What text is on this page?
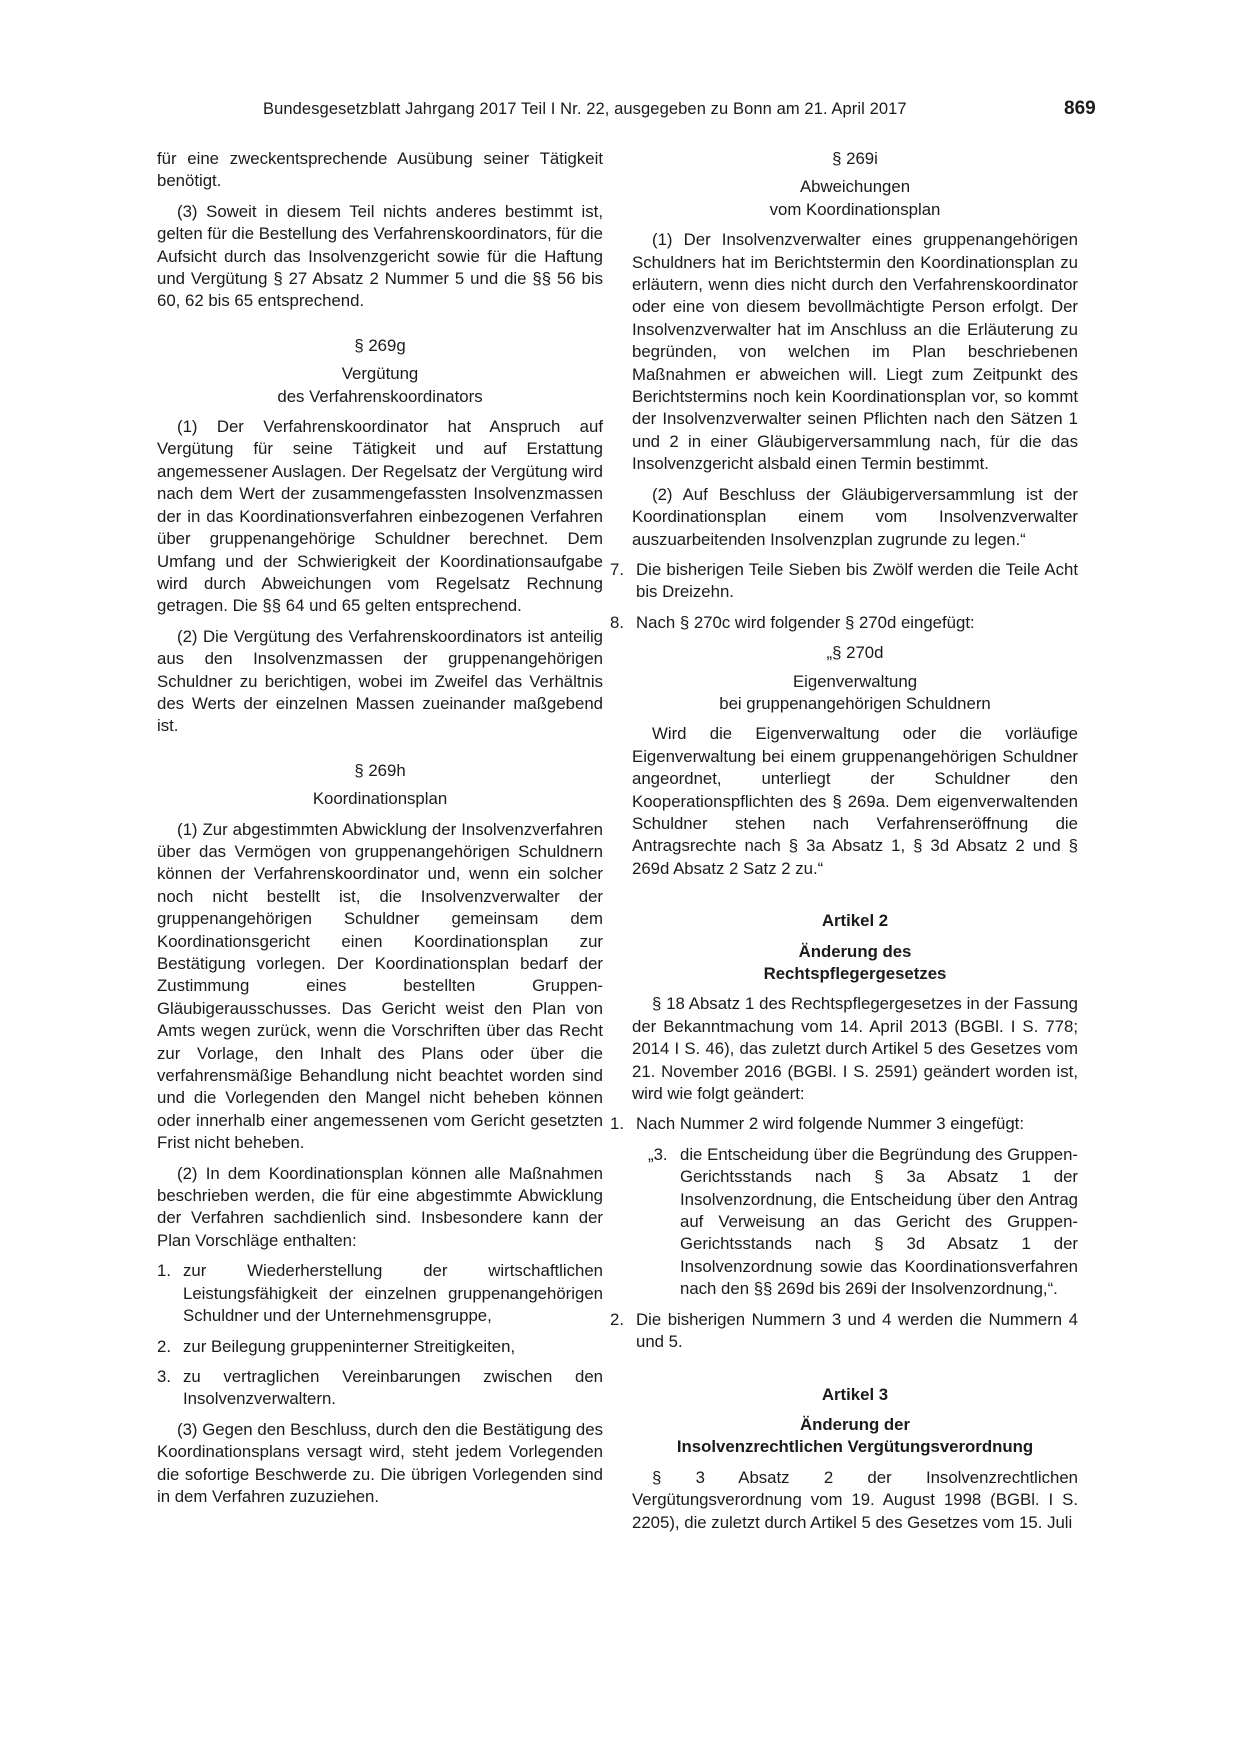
Bundesgesetzblatt Jahrgang 2017 Teil I Nr. 22, ausgegeben zu Bonn am 21. April 2017	869

für eine zweckentsprechende Ausübung seiner Tätigkeit benötigt.

(3) Soweit in diesem Teil nichts anderes bestimmt ist, gelten für die Bestellung des Verfahrenskoordinators, für die Aufsicht durch das Insolvenzgericht sowie für die Haftung und Vergütung § 27 Absatz 2 Nummer 5 und die §§ 56 bis 60, 62 bis 65 entsprechend.

§ 269g
Vergütung
des Verfahrenskoordinators

(1) Der Verfahrenskoordinator hat Anspruch auf Vergütung für seine Tätigkeit und auf Erstattung angemessener Auslagen. Der Regelsatz der Vergütung wird nach dem Wert der zusammengefassten Insolvenzmassen der in das Koordinationsverfahren einbezogenen Verfahren über gruppenangehörige Schuldner berechnet. Dem Umfang und der Schwierigkeit der Koordinationsaufgabe wird durch Abweichungen vom Regelsatz Rechnung getragen. Die §§ 64 und 65 gelten entsprechend.

(2) Die Vergütung des Verfahrenskoordinators ist anteilig aus den Insolvenzmassen der gruppenangehörigen Schuldner zu berichtigen, wobei im Zweifel das Verhältnis des Werts der einzelnen Massen zueinander maßgebend ist.

§ 269h
Koordinationsplan

(1) Zur abgestimmten Abwicklung der Insolvenzverfahren über das Vermögen von gruppenangehörigen Schuldnern können der Verfahrenskoordinator und, wenn ein solcher noch nicht bestellt ist, die Insolvenzverwalter der gruppenangehörigen Schuldner gemeinsam dem Koordinationsgericht einen Koordinationsplan zur Bestätigung vorlegen. Der Koordinationsplan bedarf der Zustimmung eines bestellten Gruppen-Gläubigerausschusses. Das Gericht weist den Plan von Amts wegen zurück, wenn die Vorschriften über das Recht zur Vorlage, den Inhalt des Plans oder über die verfahrensmäßige Behandlung nicht beachtet worden sind und die Vorlegenden den Mangel nicht beheben können oder innerhalb einer angemessenen vom Gericht gesetzten Frist nicht beheben.

(2) In dem Koordinationsplan können alle Maßnahmen beschrieben werden, die für eine abgestimmte Abwicklung der Verfahren sachdienlich sind. Insbesondere kann der Plan Vorschläge enthalten:

1. zur Wiederherstellung der wirtschaftlichen Leistungsfähigkeit der einzelnen gruppenangehörigen Schuldner und der Unternehmensgruppe,
2. zur Beilegung gruppeninterner Streitigkeiten,
3. zu vertraglichen Vereinbarungen zwischen den Insolvenzverwaltern.

(3) Gegen den Beschluss, durch den die Bestätigung des Koordinationsplans versagt wird, steht jedem Vorlegenden die sofortige Beschwerde zu. Die übrigen Vorlegenden sind in dem Verfahren zuzuziehen.

§ 269i
Abweichungen
vom Koordinationsplan

(1) Der Insolvenzverwalter eines gruppenangehörigen Schuldners hat im Berichtstermin den Koordinationsplan zu erläutern, wenn dies nicht durch den Verfahrenskoordinator oder eine von diesem bevollmächtigte Person erfolgt. Der Insolvenzverwalter hat im Anschluss an die Erläuterung zu begründen, von welchen im Plan beschriebenen Maßnahmen er abweichen will. Liegt zum Zeitpunkt des Berichtstermins noch kein Koordinationsplan vor, so kommt der Insolvenzverwalter seinen Pflichten nach den Sätzen 1 und 2 in einer Gläubigerversammlung nach, für die das Insolvenzgericht alsbald einen Termin bestimmt.

(2) Auf Beschluss der Gläubigerversammlung ist der Koordinationsplan einem vom Insolvenzverwalter auszuarbeitenden Insolvenzplan zugrunde zu legen.“

7. Die bisherigen Teile Sieben bis Zwölf werden die Teile Acht bis Dreizehn.
8. Nach § 270c wird folgender § 270d eingefügt:
„§ 270d
Eigenverwaltung
bei gruppenangehörigen Schuldnern

Wird die Eigenverwaltung oder die vorläufige Eigenverwaltung bei einem gruppenangehörigen Schuldner angeordnet, unterliegt der Schuldner den Kooperationspflichten des § 269a. Dem eigenverwaltenden Schuldner stehen nach Verfahrenseröffnung die Antragsrechte nach § 3a Absatz 1, § 3d Absatz 2 und § 269d Absatz 2 Satz 2 zu.“

Artikel 2
Änderung des
Rechtspflegergesetzes

§ 18 Absatz 1 des Rechtspflegergesetzes in der Fassung der Bekanntmachung vom 14. April 2013 (BGBl. I S. 778; 2014 I S. 46), das zuletzt durch Artikel 5 des Gesetzes vom 21. November 2016 (BGBl. I S. 2591) geändert worden ist, wird wie folgt geändert:

1. Nach Nummer 2 wird folgende Nummer 3 eingefügt:
„3. die Entscheidung über die Begründung des Gruppen-Gerichtsstands nach § 3a Absatz 1 der Insolvenzordnung, die Entscheidung über den Antrag auf Verweisung an das Gericht des Gruppen-Gerichtsstands nach § 3d Absatz 1 der Insolvenzordnung sowie das Koordinationsverfahren nach den §§ 269d bis 269i der Insolvenzordnung,“.
2. Die bisherigen Nummern 3 und 4 werden die Nummern 4 und 5.
Artikel 3
Änderung der
Insolvenzrechtlichen Vergütungsverordnung

§ 3 Absatz 2 der Insolvenzrechtlichen Vergütungsverordnung vom 19. August 1998 (BGBl. I S. 2205), die zuletzt durch Artikel 5 des Gesetzes vom 15. Juli
